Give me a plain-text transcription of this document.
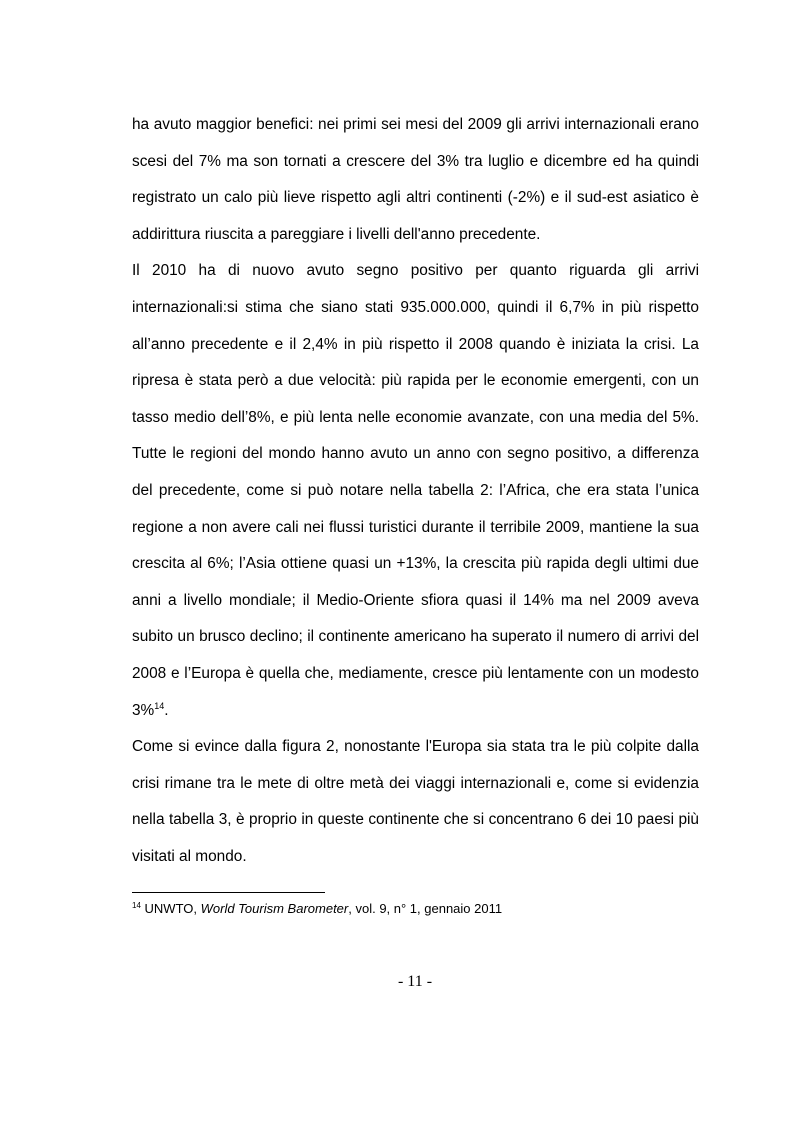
ha avuto maggior benefici: nei primi sei mesi del 2009 gli arrivi internazionali erano scesi del 7% ma son tornati a crescere del 3% tra luglio e dicembre ed ha quindi registrato un calo più lieve rispetto agli altri continenti (-2%) e il sud-est asiatico è addirittura riuscita a pareggiare i livelli dell'anno precedente.

Il 2010 ha di nuovo avuto segno positivo per quanto riguarda gli arrivi internazionali:si stima che siano stati 935.000.000, quindi il 6,7% in più rispetto all’anno precedente e il 2,4% in più rispetto il 2008 quando è iniziata la crisi. La ripresa è stata però a due velocità: più rapida per le economie emergenti, con un tasso medio dell’8%, e più lenta nelle economie avanzate, con una media del 5%. Tutte le regioni del mondo hanno avuto un anno con segno positivo, a differenza del precedente, come si può notare nella tabella 2: l’Africa, che era stata l’unica regione a non avere cali nei flussi turistici durante il terribile 2009, mantiene la sua crescita al 6%; l’Asia ottiene quasi un +13%, la crescita più rapida degli ultimi due anni a livello mondiale; il Medio-Oriente sfiora quasi il 14% ma nel 2009 aveva subito un brusco declino; il continente americano ha superato il numero di arrivi del 2008 e l’Europa è quella che, mediamente, cresce più lentamente con un modesto 3%$^{14}$.

Come si evince dalla figura 2, nonostante l'Europa sia stata tra le più colpite dalla crisi rimane tra le mete di oltre metà dei viaggi internazionali e, come si evidenzia nella tabella 3, è proprio in queste continente che si concentrano 6 dei 10 paesi più visitati al mondo.

$^{14}$ UNWTO, World Tourism Barometer, vol. 9, n° 1, gennaio 2011
- 11 -
